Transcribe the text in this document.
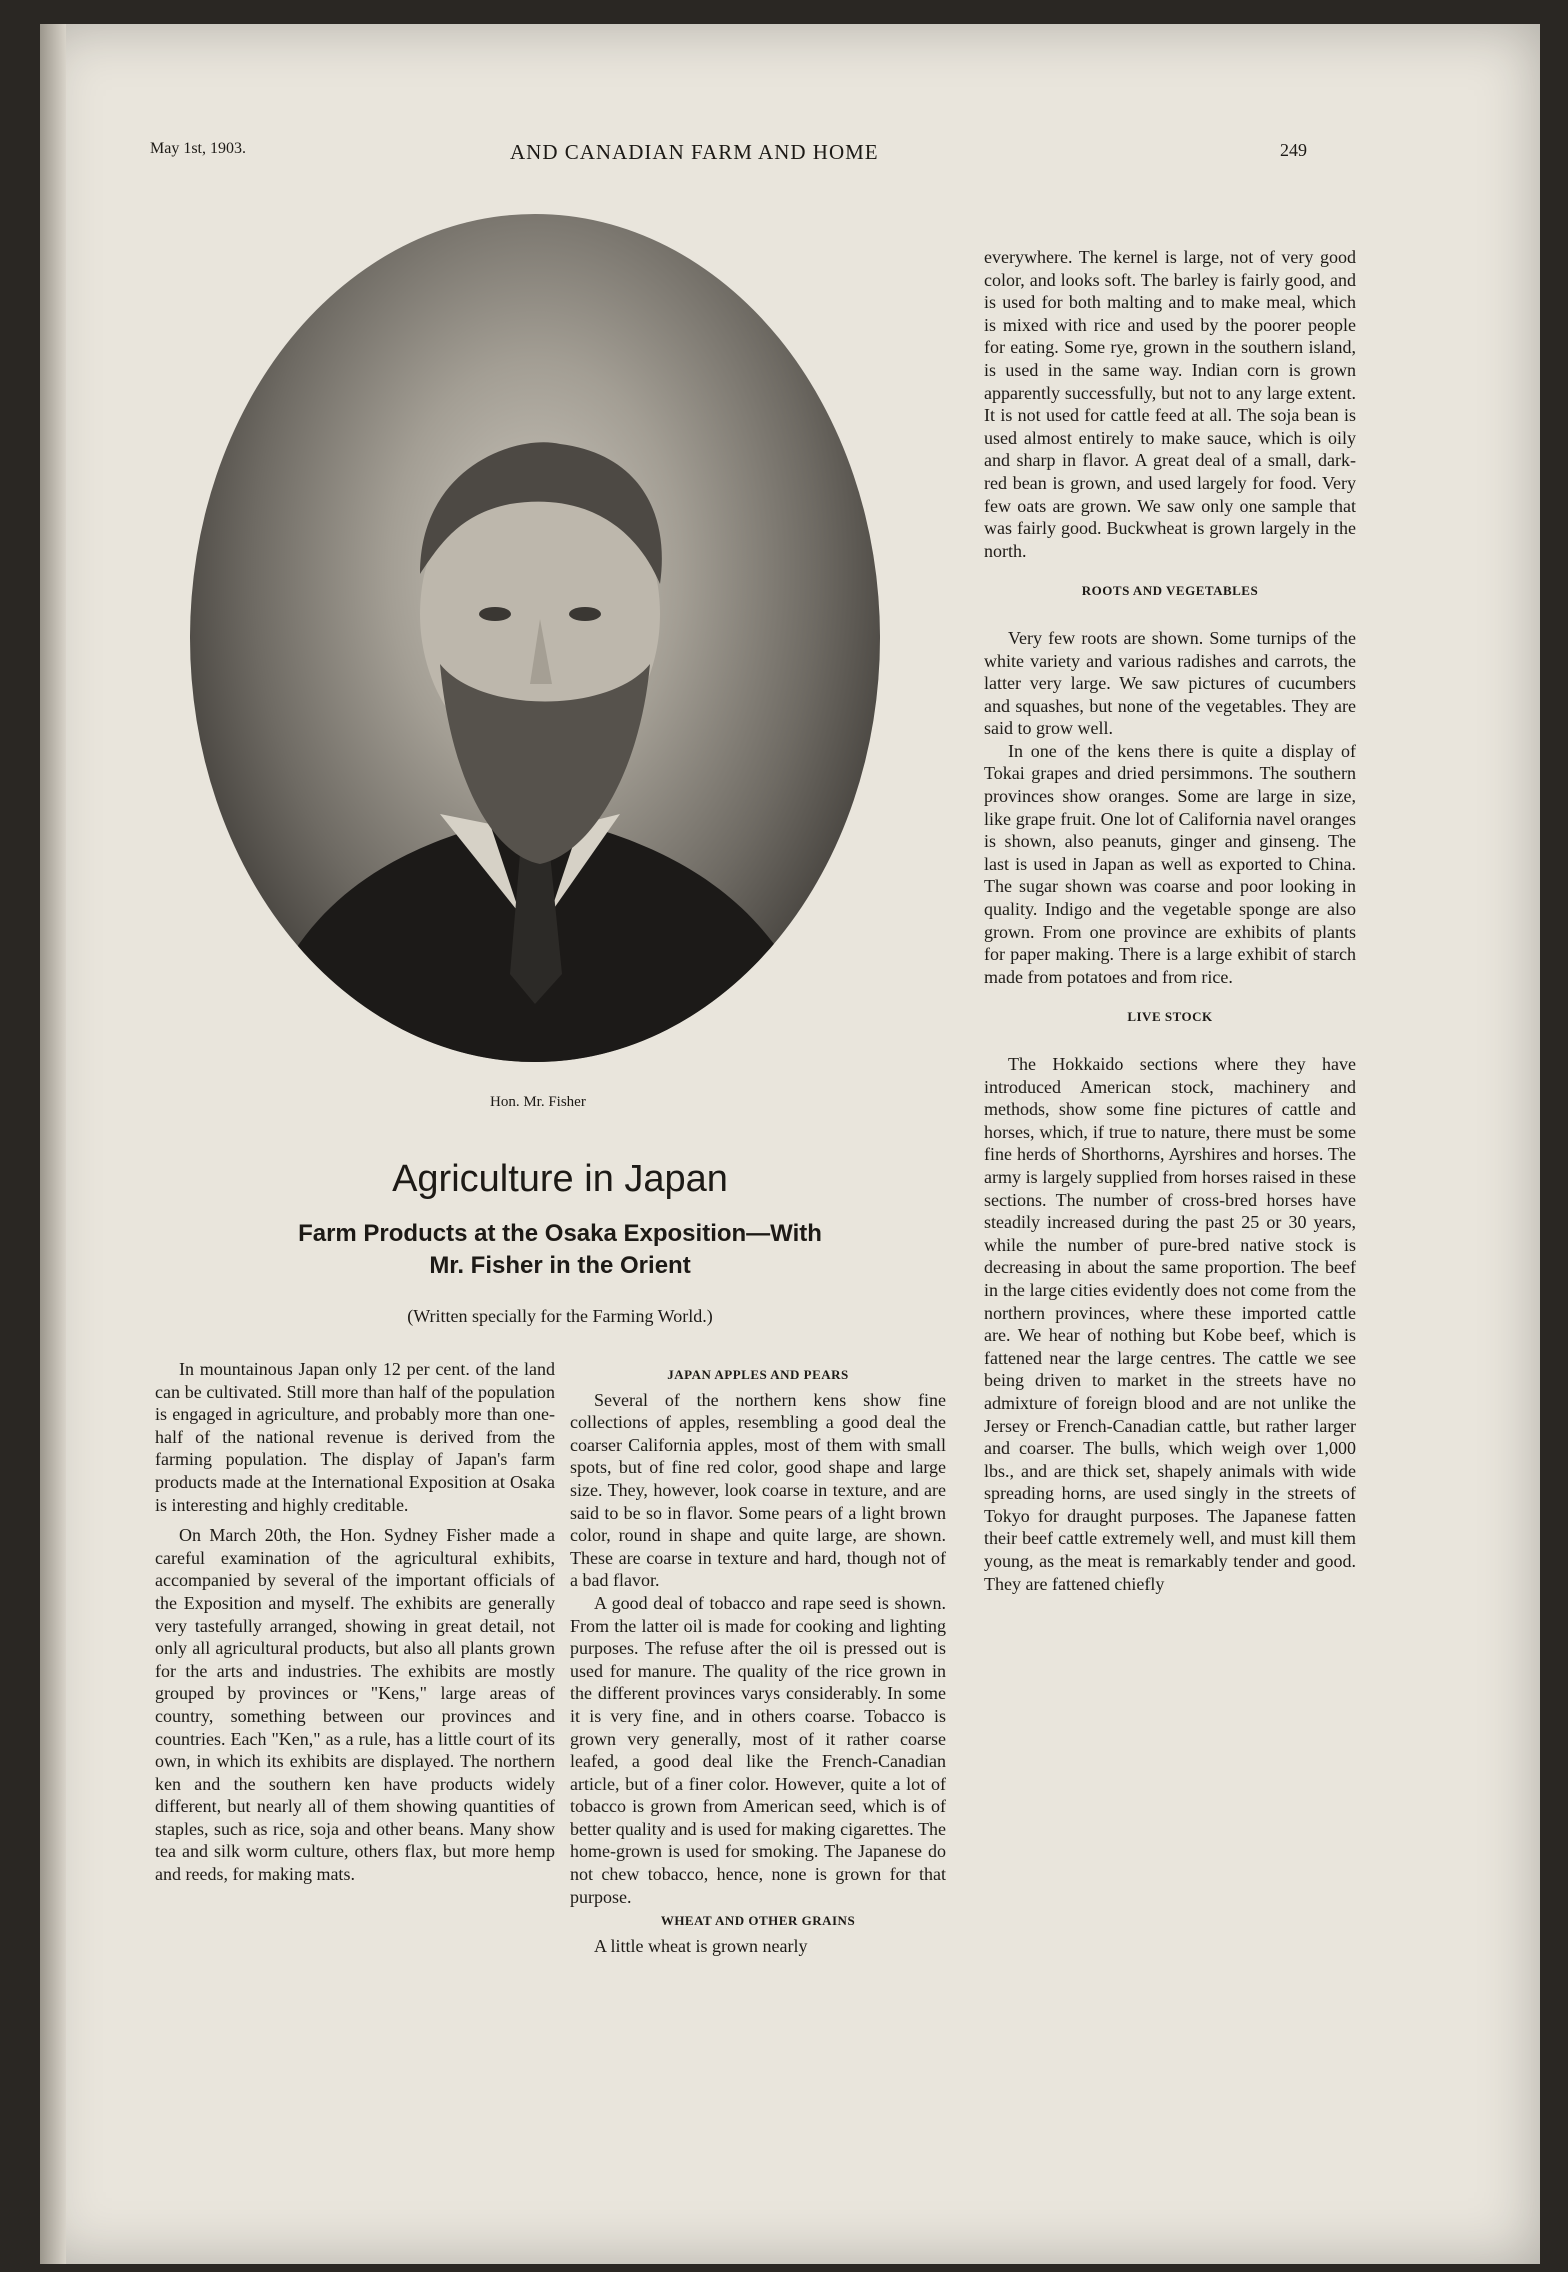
May 1st, 1903.	AND CANADIAN FARM AND HOME	249
Hon. Mr. Fisher
Agriculture in Japan
Farm Products at the Osaka Exposition—With
Mr. Fisher in the Orient
(Written specially for the Farming World.)

In mountainous Japan only 12 per cent. of the land can be cultivated. Still more than half of the population is engaged in agriculture, and probably more than one-half of the national revenue is derived from the farming population. The display of Japan's farm products made at the International Exposition at Osaka is interesting and highly creditable.

On March 20th, the Hon. Sydney Fisher made a careful examination of the agricultural exhibits, accompanied by several of the important officials of the Exposition and myself. The exhibits are generally very tastefully arranged, showing in great detail, not only all agricultural products, but also all plants grown for the arts and industries. The exhibits are mostly grouped by provinces or "Kens," large areas of country, something between our provinces and countries. Each "Ken," as a rule, has a little court of its own, in which its exhibits are displayed. The northern ken and the southern ken have products widely different, but nearly all of them showing quantities of staples, such as rice, soja and other beans. Many show tea and silk worm culture, others flax, but more hemp and reeds, for making mats.

JAPAN APPLES AND PEARS

Several of the northern kens show fine collections of apples, resembling a good deal the coarser California apples, most of them with small spots, but of fine red color, good shape and large size. They, however, look coarse in texture, and are said to be so in flavor. Some pears of a light brown color, round in shape and quite large, are shown. These are coarse in texture and hard, though not of a bad flavor.

A good deal of tobacco and rape seed is shown. From the latter oil is made for cooking and lighting purposes. The refuse after the oil is pressed out is used for manure. The quality of the rice grown in the different provinces varys considerably. In some it is very fine, and in others coarse. Tobacco is grown very generally, most of it rather coarse leafed, a good deal like the French-Canadian article, but of a finer color. However, quite a lot of tobacco is grown from American seed, which is of better quality and is used for making cigarettes. The home-grown is used for smoking. The Japanese do not chew tobacco, hence, none is grown for that purpose.

WHEAT AND OTHER GRAINS

A little wheat is grown nearly

everywhere. The kernel is large, not of very good color, and looks soft. The barley is fairly good, and is used for both malting and to make meal, which is mixed with rice and used by the poorer people for eating. Some rye, grown in the southern island, is used in the same way. Indian corn is grown apparently successfully, but not to any large extent. It is not used for cattle feed at all. The soja bean is used almost entirely to make sauce, which is oily and sharp in flavor. A great deal of a small, dark-red bean is grown, and used largely for food. Very few oats are grown. We saw only one sample that was fairly good. Buckwheat is grown largely in the north.

ROOTS AND VEGETABLES

Very few roots are shown. Some turnips of the white variety and various radishes and carrots, the latter very large. We saw pictures of cucumbers and squashes, but none of the vegetables. They are said to grow well.

In one of the kens there is quite a display of Tokai grapes and dried persimmons. The southern provinces show oranges. Some are large in size, like grape fruit. One lot of California navel oranges is shown, also peanuts, ginger and ginseng. The last is used in Japan as well as exported to China. The sugar shown was coarse and poor looking in quality. Indigo and the vegetable sponge are also grown. From one province are exhibits of plants for paper making. There is a large exhibit of starch made from potatoes and from rice.

LIVE STOCK

The Hokkaido sections where they have introduced American stock, machinery and methods, show some fine pictures of cattle and horses, which, if true to nature, there must be some fine herds of Shorthorns, Ayrshires and horses. The army is largely supplied from horses raised in these sections. The number of cross-bred horses have steadily increased during the past 25 or 30 years, while the number of pure-bred native stock is decreasing in about the same proportion. The beef in the large cities evidently does not come from the northern provinces, where these imported cattle are. We hear of nothing but Kobe beef, which is fattened near the large centres. The cattle we see being driven to market in the streets have no admixture of foreign blood and are not unlike the Jersey or French-Canadian cattle, but rather larger and coarser. The bulls, which weigh over 1,000 lbs., and are thick set, shapely animals with wide spreading horns, are used singly in the streets of Tokyo for draught purposes. The Japanese fatten their beef cattle extremely well, and must kill them young, as the meat is remarkably tender and good. They are fattened chiefly
